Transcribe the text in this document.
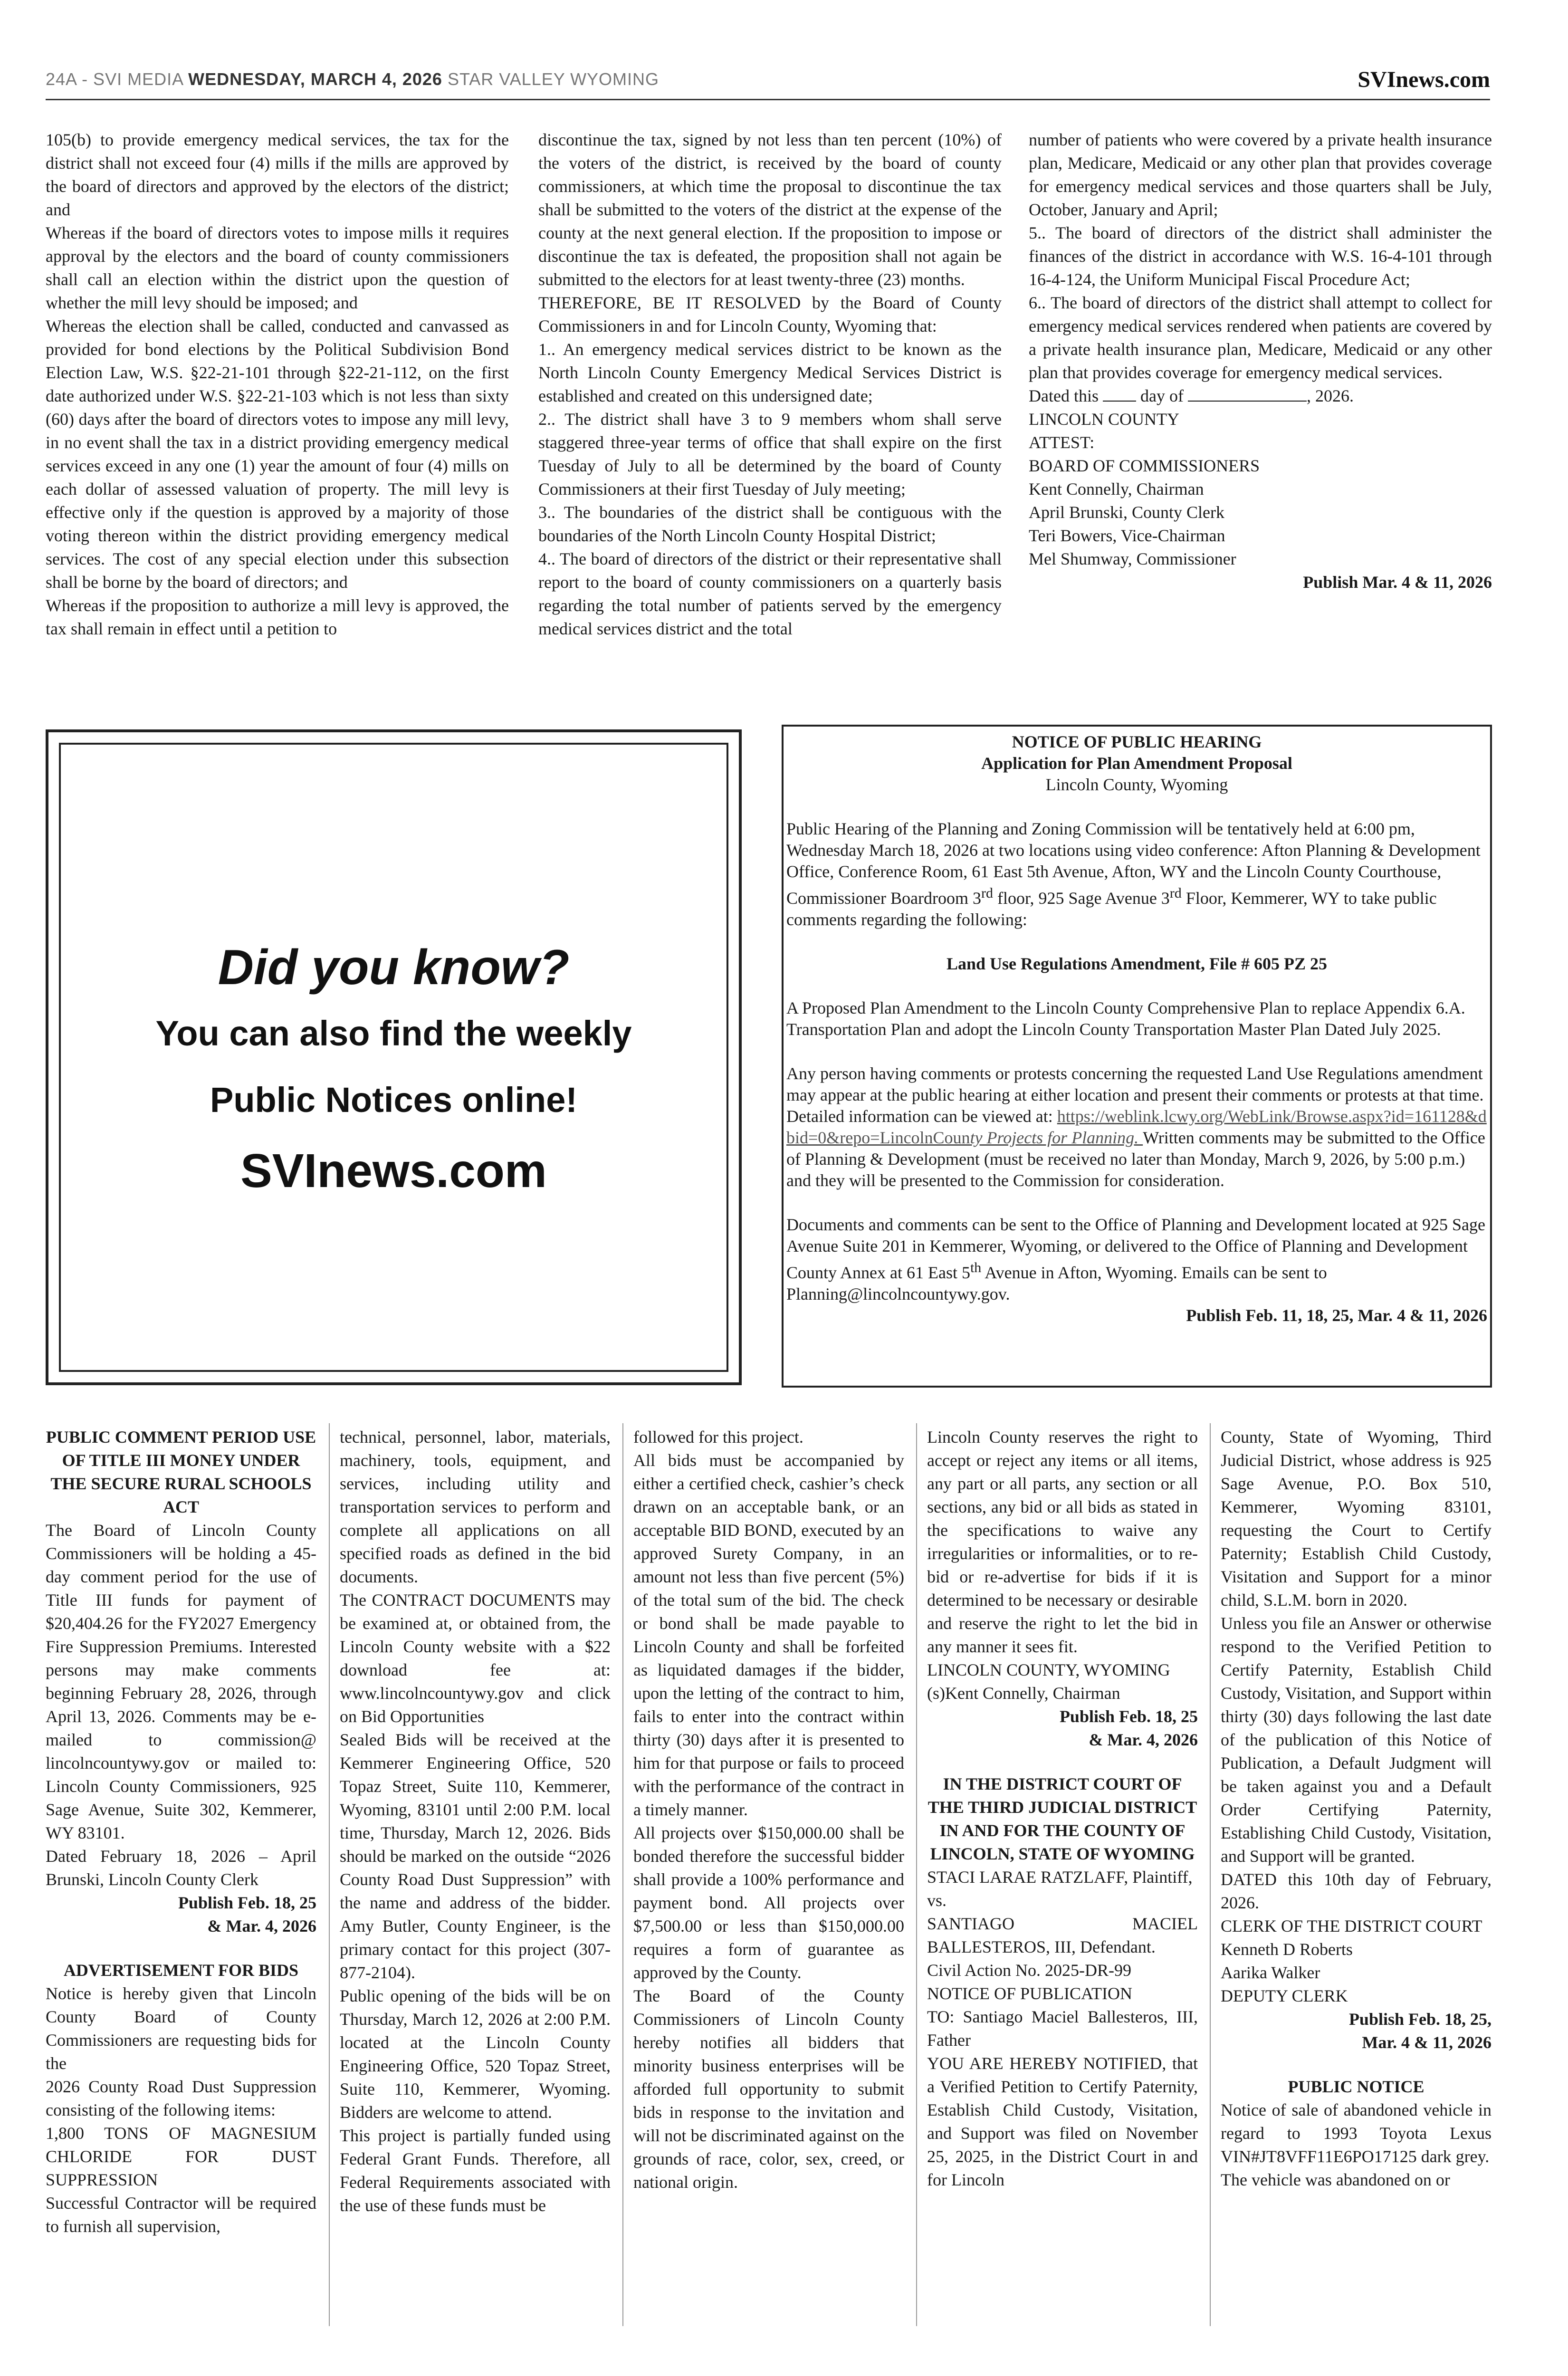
24A - SVI MEDIA WEDNESDAY, MARCH 4, 2026 STAR VALLEY WYOMING	SVInews.com

105(b) to provide emergency medical services, the tax for the district shall not exceed four (4) mills if the mills are approved by the board of directors and approved by the electors of the district; and

Whereas if the board of directors votes to impose mills it requires approval by the electors and the board of county commissioners shall call an election within the district upon the question of whether the mill levy should be imposed; and

Whereas the election shall be called, conducted and canvassed as provided for bond elections by the Political Subdivision Bond Election Law, W.S. §22-21-101 through §22-21-112, on the first date authorized under W.S. §22-21-103 which is not less than sixty (60) days after the board of directors votes to impose any mill levy, in no event shall the tax in a district providing emergency medical services exceed in any one (1) year the amount of four (4) mills on each dollar of assessed valuation of property. The mill levy is effective only if the question is approved by a majority of those voting thereon within the district providing emergency medical services. The cost of any special election under this subsection shall be borne by the board of directors; and

Whereas if the proposition to authorize a mill levy is approved, the tax shall remain in effect until a petition to

discontinue the tax, signed by not less than ten percent (10%) of the voters of the district, is received by the board of county commissioners, at which time the proposal to discontinue the tax shall be submitted to the voters of the district at the expense of the county at the next general election. If the proposition to impose or discontinue the tax is defeated, the proposition shall not again be submitted to the electors for at least twenty-three (23) months.

THEREFORE, BE IT RESOLVED by the Board of County Commissioners in and for Lincoln County, Wyoming that:

1.. An emergency medical services district to be known as the North Lincoln County Emergency Medical Services District is established and created on this undersigned date;

2.. The district shall have 3 to 9 members whom shall serve staggered three-year terms of office that shall expire on the first Tuesday of July to all be determined by the board of County Commissioners at their first Tuesday of July meeting;

3.. The boundaries of the district shall be contiguous with the boundaries of the North Lincoln County Hospital District;

4.. The board of directors of the district or their representative shall report to the board of county commissioners on a quarterly basis regarding the total number of patients served by the emergency medical services district and the total

number of patients who were covered by a private health insurance plan, Medicare, Medicaid or any other plan that provides coverage for emergency medical services and those quarters shall be July, October, January and April;

5.. The board of directors of the district shall administer the finances of the district in accordance with W.S. 16-4-101 through 16-4-124, the Uniform Municipal Fiscal Procedure Act;

6.. The board of directors of the district shall attempt to collect for emergency medical services rendered when patients are covered by a private health insurance plan, Medicare, Medicaid or any other plan that provides coverage for emergency medical services.

Dated this  day of	, 2026.

LINCOLN COUNTY

ATTEST:

BOARD OF COMMISSIONERS

Kent Connelly, Chairman

April Brunski, County Clerk

Teri Bowers, Vice-Chairman

Mel Shumway, Commissioner

Publish Mar. 4 & 11, 2026

Did you know?
You can also find the weekly
Public Notices online!
SVInews.com

NOTICE OF PUBLIC HEARING

Application for Plan Amendment Proposal

Lincoln County, Wyoming

Public Hearing of the Planning and Zoning Commission will be tentatively held at 6:00 pm, Wednesday March 18, 2026 at two locations using video conference: Afton Planning & Development Office, Conference Room, 61 East 5th Avenue, Afton, WY and the Lincoln County Courthouse, Commissioner Boardroom 3rd floor, 925 Sage Avenue 3rd Floor, Kemmerer, WY to take public comments regarding the following:

Land Use Regulations Amendment, File # 605 PZ 25

A Proposed Plan Amendment to the Lincoln County Comprehensive Plan to replace Appendix 6.A. Transportation Plan and adopt the Lincoln County Transportation Master Plan Dated July 2025.

Any person having comments or protests concerning the requested Land Use Regulations amendment may appear at the public hearing at either location and present their comments or protests at that time. Detailed information can be viewed at: https://weblink.lcwy.org/WebLink/Browse.aspx?id=161128&dbid=0&repo=LincolnCounty Projects for Planning. Written comments may be submitted to the Office of Planning & Development (must be received no later than Monday, March 9, 2026, by 5:00 p.m.) and they will be presented to the Commission for consideration.

Documents and comments can be sent to the Office of Planning and Development located at 925 Sage Avenue Suite 201 in Kemmerer, Wyoming, or delivered to the Office of Planning and Development County Annex at 61 East 5th Avenue in Afton, Wyoming. Emails can be sent to Planning@lincolncountywy.gov.

Publish Feb. 11, 18, 25, Mar. 4 & 11, 2026

PUBLIC COMMENT PERIOD USE OF TITLE III MONEY UNDER THE SECURE RURAL SCHOOLS ACT

The Board of Lincoln County Commissioners will be holding a 45-day comment period for the use of Title III funds for payment of $20,404.26 for the FY2027 Emergency Fire Suppression Premiums. Interested persons may make comments beginning February 28, 2026, through April 13, 2026. Comments may be e-mailed to commission@ lincolncountywy.gov or mailed to: Lincoln County Commissioners, 925 Sage Avenue, Suite 302, Kemmerer, WY 83101.

Dated February 18, 2026 – April Brunski, Lincoln County Clerk

Publish Feb. 18, 25

& Mar. 4, 2026

ADVERTISEMENT FOR BIDS

Notice is hereby given that Lincoln County Board of County Commissioners are requesting bids for the

2026 County Road Dust Suppression consisting of the following items:

1,800 TONS OF MAGNESIUM CHLORIDE FOR DUST SUPPRESSION

Successful Contractor will be required to furnish all supervision,

technical, personnel, labor, materials, machinery, tools, equipment, and services, including utility and transportation services to perform and complete all applications on all specified roads as defined in the bid documents.

The CONTRACT DOCUMENTS may be examined at, or obtained from, the Lincoln County website with a $22 download fee at: www.lincolncountywy.gov and click on Bid Opportunities

Sealed Bids will be received at the Kemmerer Engineering Office, 520 Topaz Street, Suite 110, Kemmerer, Wyoming, 83101 until 2:00 P.M. local time, Thursday, March 12, 2026. Bids should be marked on the outside “2026 County Road Dust Suppression” with the name and address of the bidder. Amy Butler, County Engineer, is the primary contact for this project (307-877-2104).

Public opening of the bids will be on Thursday, March 12, 2026 at 2:00 P.M. located at the Lincoln County Engineering Office, 520 Topaz Street, Suite 110, Kemmerer, Wyoming. Bidders are welcome to attend.

This project is partially funded using Federal Grant Funds. Therefore, all Federal Requirements associated with the use of these funds must be

followed for this project.

All bids must be accompanied by either a certified check, cashier’s check drawn on an acceptable bank, or an acceptable BID BOND, executed by an approved Surety Company, in an amount not less than five percent (5%) of the total sum of the bid. The check or bond shall be made payable to Lincoln County and shall be forfeited as liquidated damages if the bidder, upon the letting of the contract to him, fails to enter into the contract within thirty (30) days after it is presented to him for that purpose or fails to proceed with the performance of the contract in a timely manner.

All projects over $150,000.00 shall be bonded therefore the successful bidder shall provide a 100% performance and payment bond. All projects over $7,500.00 or less than $150,000.00 requires a form of guarantee as approved by the County.

The Board of the County Commissioners of Lincoln County hereby notifies all bidders that minority business enterprises will be afforded full opportunity to submit bids in response to the invitation and will not be discriminated against on the grounds of race, color, sex, creed, or national origin.

Lincoln County reserves the right to accept or reject any items or all items, any part or all parts, any section or all sections, any bid or all bids as stated in the specifications to waive any irregularities or informalities, or to re-bid or re-advertise for bids if it is determined to be necessary or desirable and reserve the right to let the bid in any manner it sees fit.

LINCOLN COUNTY, WYOMING

(s)Kent Connelly, Chairman

Publish Feb. 18, 25

& Mar. 4, 2026

IN THE DISTRICT COURT OF THE THIRD JUDICIAL DISTRICT IN AND FOR THE COUNTY OF LINCOLN, STATE OF WYOMING

STACI LARAE RATZLAFF, Plaintiff,

vs.

SANTIAGO MACIEL BALLESTEROS, III, Defendant.

Civil Action No. 2025-DR-99

NOTICE OF PUBLICATION

TO: Santiago Maciel Ballesteros, III, Father

YOU ARE HEREBY NOTIFIED, that a Verified Petition to Certify Paternity, Establish Child Custody, Visitation, and Support was filed on November 25, 2025, in the District Court in and for Lincoln

County, State of Wyoming, Third Judicial District, whose address is 925 Sage Avenue, P.O. Box 510, Kemmerer, Wyoming 83101, requesting the Court to Certify Paternity; Establish Child Custody, Visitation and Support for a minor child, S.L.M. born in 2020.

Unless you file an Answer or otherwise respond to the Verified Petition to Certify Paternity, Establish Child Custody, Visitation, and Support within thirty (30) days following the last date of the publication of this Notice of Publication, a Default Judgment will be taken against you and a Default Order Certifying Paternity, Establishing Child Custody, Visitation, and Support will be granted.

DATED this 10th day of February, 2026.

CLERK OF THE DISTRICT COURT

Kenneth D Roberts

Aarika Walker

DEPUTY CLERK

Publish Feb. 18, 25,

Mar. 4 & 11, 2026

PUBLIC NOTICE

Notice of sale of abandoned vehicle in regard to 1993 Toyota Lexus VIN#JT8VFF11E6PO17125 dark grey.

The vehicle was abandoned on or
